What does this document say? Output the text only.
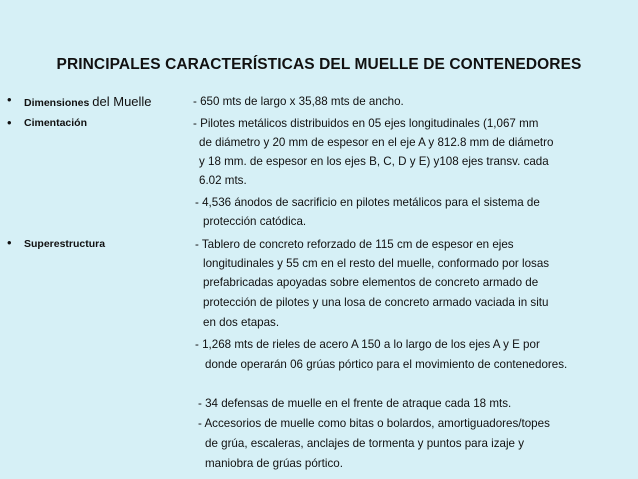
PRINCIPALES CARACTERÍSTICAS DEL MUELLE DE CONTENEDORES
• Dimensiones del Muelle	- 650 mts de largo x 35,88 mts de ancho.
• Cimentación	- Pilotes metálicos distribuidos en 05 ejes longitudinales (1,067 mm
de diámetro y 20 mm de espesor en el eje A y 812.8 mm de diámetro
y 18 mm. de espesor en los ejes B, C, D y E) y108 ejes transv. cada
6.02 mts.
- 4,536 ánodos de sacrificio en pilotes metálicos para el sistema de
protección catódica.
• Superestructura	- Tablero de concreto reforzado de 115 cm de espesor en ejes
longitudinales y 55 cm en el resto del muelle, conformado por losas
prefabricadas apoyadas sobre elementos de concreto armado de
protección de pilotes y una losa de concreto armado vaciada in situ
en dos etapas.
- 1,268 mts de rieles de acero A 150 a lo largo de los ejes A y E por
donde operarán 06 grúas pórtico para el movimiento de contenedores.
- 34 defensas de muelle en el frente de atraque cada 18 mts.
- Accesorios de muelle como bitas o bolardos, amortiguadores/topes
de grúa, escaleras, anclajes de tormenta y puntos para izaje y
maniobra de grúas pórtico.
